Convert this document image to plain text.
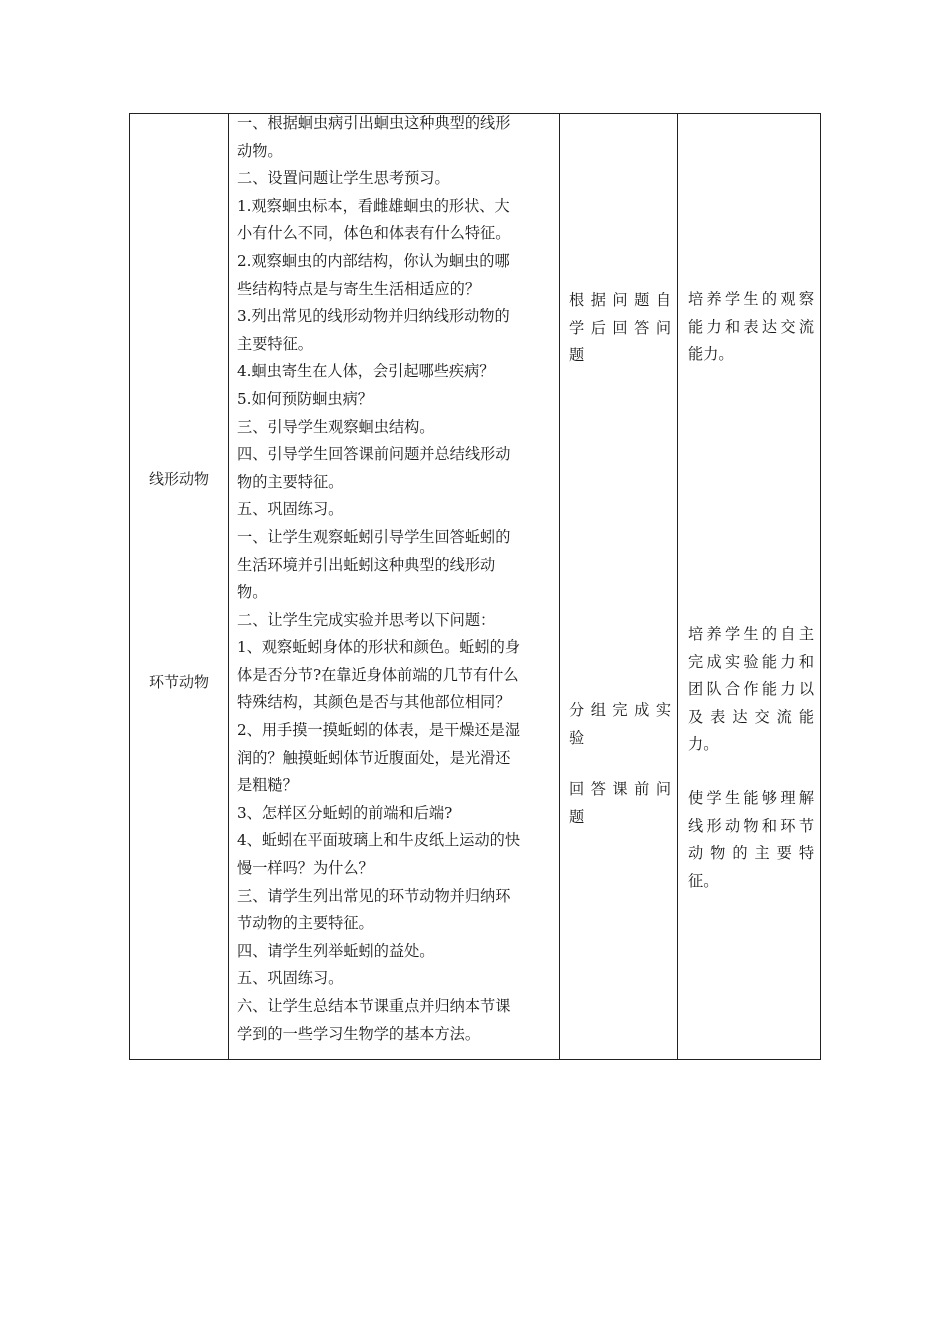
线形动物
环节动物

一、根据蛔虫病引出蛔虫这种典型的线形

动物。

二、设置问题让学生思考预习。

1.观察蛔虫标本，看雌雄蛔虫的形状、大

小有什么不同，体色和体表有什么特征。

2.观察蛔虫的内部结构，你认为蛔虫的哪

些结构特点是与寄生生活相适应的？

3.列出常见的线形动物并归纳线形动物的

主要特征。

4.蛔虫寄生在人体，会引起哪些疾病？

5.如何预防蛔虫病？

三、引导学生观察蛔虫结构。

四、引导学生回答课前问题并总结线形动

物的主要特征。

五、巩固练习。

一、让学生观察蚯蚓引导学生回答蚯蚓的

生活环境并引出蚯蚓这种典型的线形动

物。

二、让学生完成实验并思考以下问题：

1、观察蚯蚓身体的形状和颜色。蚯蚓的身

体是否分节?在靠近身体前端的几节有什么

特殊结构，其颜色是否与其他部位相同？

2、用手摸一摸蚯蚓的体表，是干燥还是湿

润的？触摸蚯蚓体节近腹面处，是光滑还

是粗糙？

3、怎样区分蚯蚓的前端和后端?

4、蚯蚓在平面玻璃上和牛皮纸上运动的快

慢一样吗？为什么？

三、请学生列出常见的环节动物并归纳环

节动物的主要特征。

四、请学生列举蚯蚓的益处。

五、巩固练习。

六、让学生总结本节课重点并归纳本节课

学到的一些学习生物学的基本方法。

根据问题自

学后回答问

题

分组完成实

验

回答课前问

题

培养学生的观察

能力和表达交流

能力。

培养学生的自主

完成实验能力和

团队合作能力以

及表达交流能

力。

使学生能够理解

线形动物和环节

动物的主要特

征。
